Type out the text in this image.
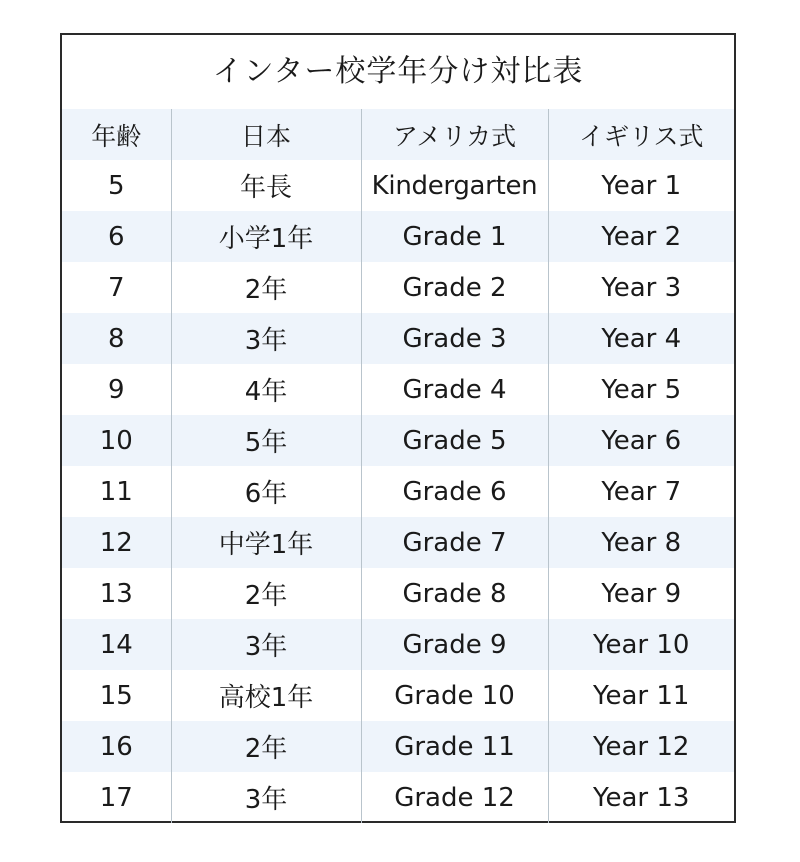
インター校学年分け対比表
年齢	日本	アメリカ式	イギリス式
5	年長	Kindergarten	Year 1
6	小学1年	Grade 1	Year 2
7	2年	Grade 2	Year 3
8	3年	Grade 3	Year 4
9	4年	Grade 4	Year 5
10	5年	Grade 5	Year 6
11	6年	Grade 6	Year 7
12	中学1年	Grade 7	Year 8
13	2年	Grade 8	Year 9
14	3年	Grade 9	Year 10
15	高校1年	Grade 10	Year 11
16	2年	Grade 11	Year 12
17	3年	Grade 12	Year 13
